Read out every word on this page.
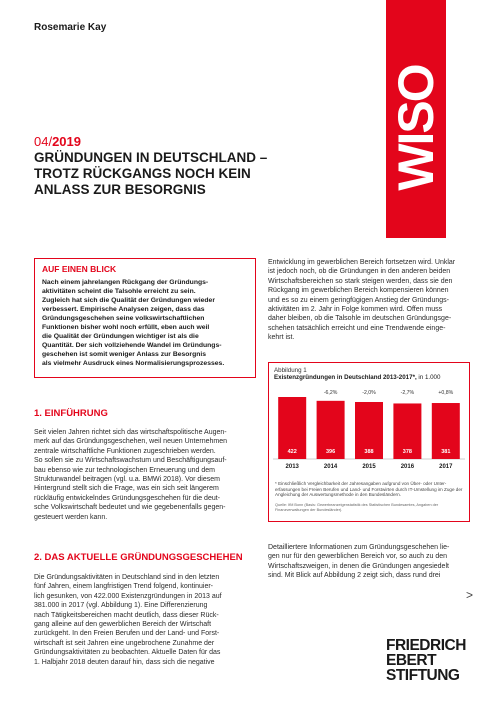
Rosemarie Kay
WISO	DIREKT
04/2019
GRÜNDUNGEN IN DEUTSCHLAND –
TROTZ RÜCKGANGS NOCH KEIN
ANLASS ZUR BESORGNIS
AUF EINEN BLICK
Nach einem jahrelangen Rückgang der Gründungs-
aktivitäten scheint die Talsohle erreicht zu sein.
Zugleich hat sich die Qualität der Gründungen wieder
verbessert. Empirische Analysen zeigen, dass das
Gründungsgeschehen seine volkswirtschaftlichen
Funktionen bisher wohl noch erfüllt, eben auch weil
die Qualität der Gründungen wichtiger ist als die
Quantität. Der sich vollziehende Wandel im Gründungs-
geschehen ist somit weniger Anlass zur Besorgnis
als vielmehr Ausdruck eines Normalisierungsprozesses.
1. EINFÜHRUNG
Seit vielen Jahren richtet sich das wirtschaftspolitische Augen-
merk auf das Gründungsgeschehen, weil neuen Unternehmen
zentrale wirtschaftliche Funktionen zugeschrieben werden.
So sollen sie zu Wirtschaftswachstum und Beschäftigungsauf-
bau ebenso wie zur technologischen Erneuerung und dem
Strukturwandel beitragen (vgl. u.a. BMWi 2018). Vor diesem
Hintergrund stellt sich die Frage, was ein sich seit längerem
rückläufig entwickelndes Gründungsgeschehen für die deut-
sche Volkswirtschaft bedeutet und wie gegebenenfalls gegen-
gesteuert werden kann.
2. DAS AKTUELLE GRÜNDUNGSGESCHEHEN
Die Gründungsaktivitäten in Deutschland sind in den letzten
fünf Jahren, einem langfristigen Trend folgend, kontinuier-
lich gesunken, von 422.000 Existenzgründungen in 2013 auf
381.000 in 2017 (vgl. Abbildung 1). Eine Differenzierung
nach Tätigkeitsbereichen macht deutlich, dass dieser Rück-
gang alleine auf den gewerblichen Bereich der Wirtschaft
zurückgeht. In den Freien Berufen und der Land- und Forst-
wirtschaft ist seit Jahren eine ungebrochene Zunahme der
Gründungsaktivitäten zu beobachten. Aktuelle Daten für das
1. Halbjahr 2018 deuten darauf hin, dass sich die negative
Entwicklung im gewerblichen Bereich fortsetzen wird. Unklar
ist jedoch noch, ob die Gründungen in den anderen beiden
Wirtschaftsbereichen so stark steigen werden, dass sie den
Rückgang im gewerblichen Bereich kompensieren können
und es so zu einem geringfügigen Anstieg der Gründungs-
aktivitäten im 2. Jahr in Folge kommen wird. Offen muss
daher bleiben, ob die Talsohle im deutschen Gründungsge-
schehen tatsächlich erreicht und eine Trendwende einge-
kehrt ist.
Abbildung 1
Existenzgründungen in Deutschland 2013-2017*, in 1.000
422
2013
396
2014
-6,2%
388
2015
-2,0%
378
2016
-2,7%
381
2017
+0,8%
* Einschließlich Vergleichbarkeit der Jahresangaben aufgrund von Über- oder Unter-erfassungen bei Freien Berufen und Land- und Forstwirten durch IT-Umstellung im Zuge der Angleichung der Auswertungsmethode in den Bundesländern.
Quelle: IfM Bonn (Basis: Gewerbeanzeigenstatistik des Statistischen Bundesamtes, Angaben der Finanzverwaltungen der Bundesländer).
Detailliertere Informationen zum Gründungsgeschehen lie-
gen nur für den gewerblichen Bereich vor, so auch zu den
Wirtschaftszweigen, in denen die Gründungen angesiedelt
sind. Mit Blick auf Abbildung 2 zeigt sich, dass rund drei
>
FRIEDRICH
EBERT
STIFTUNG
